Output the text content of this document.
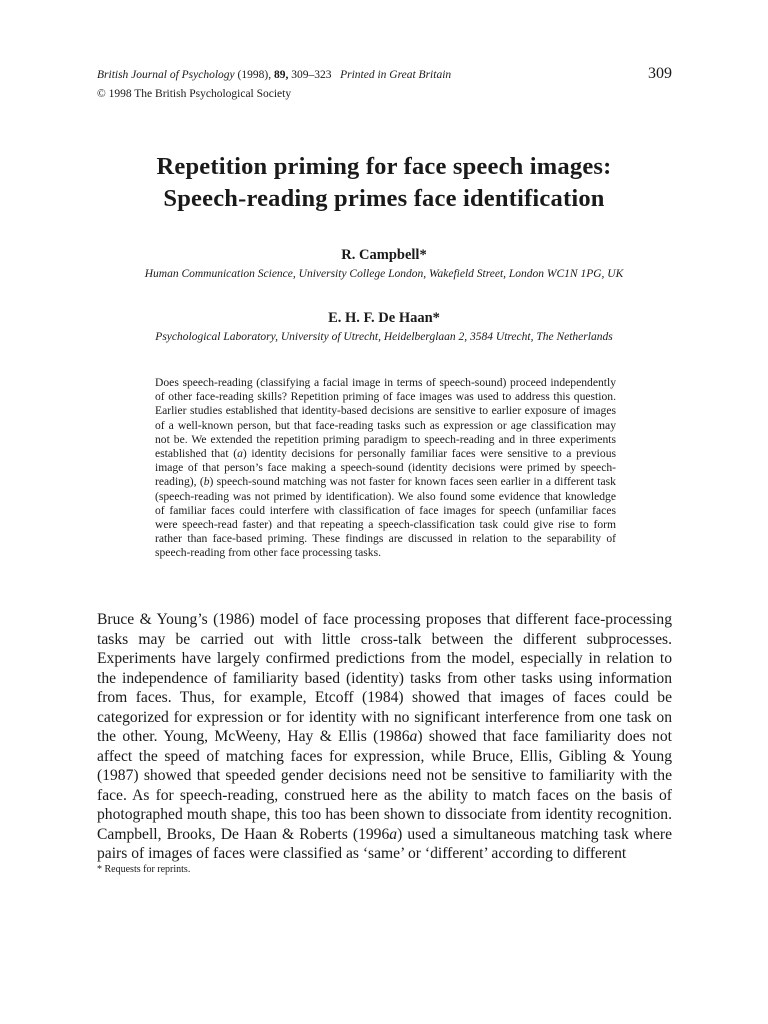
British Journal of Psychology (1998), 89, 309–323 Printed in Great Britain
© 1998 The British Psychological Society
309
Repetition priming for face speech images:
Speech-reading primes face identification
R. Campbell*
Human Communication Science, University College London, Wakefield Street, London WC1N 1PG, UK
E. H. F. De Haan*
Psychological Laboratory, University of Utrecht, Heidelberglaan 2, 3584 Utrecht, The Netherlands
Does speech-reading (classifying a facial image in terms of speech-sound) proceed independently of other face-reading skills? Repetition priming of face images was used to address this question. Earlier studies established that identity-based decisions are sensitive to earlier exposure of images of a well-known person, but that face-reading tasks such as expression or age classification may not be. We extended the repetition priming paradigm to speech-reading and in three experiments established that (a) identity decisions for personally familiar faces were sensitive to a previous image of that person’s face making a speech-sound (identity decisions were primed by speech-reading), (b) speech-sound matching was not faster for known faces seen earlier in a different task (speech-reading was not primed by identification). We also found some evidence that knowledge of familiar faces could interfere with classification of face images for speech (unfamiliar faces were speech-read faster) and that repeating a speech-classification task could give rise to form rather than face-based priming. These findings are discussed in relation to the separability of speech-reading from other face processing tasks.
Bruce & Young’s (1986) model of face processing proposes that different face-processing tasks may be carried out with little cross-talk between the different subprocesses. Experiments have largely confirmed predictions from the model, especially in relation to the independence of familiarity based (identity) tasks from other tasks using information from faces. Thus, for example, Etcoff (1984) showed that images of faces could be categorized for expression or for identity with no significant interference from one task on the other. Young, McWeeny, Hay & Ellis (1986a) showed that face familiarity does not affect the speed of matching faces for expression, while Bruce, Ellis, Gibling & Young (1987) showed that speeded gender decisions need not be sensitive to familiarity with the face. As for speech-reading, construed here as the ability to match faces on the basis of photographed mouth shape, this too has been shown to dissociate from identity recognition. Campbell, Brooks, De Haan & Roberts (1996a) used a simultaneous matching task where pairs of images of faces were classified as ‘same’ or ‘different’ according to different
* Requests for reprints.
